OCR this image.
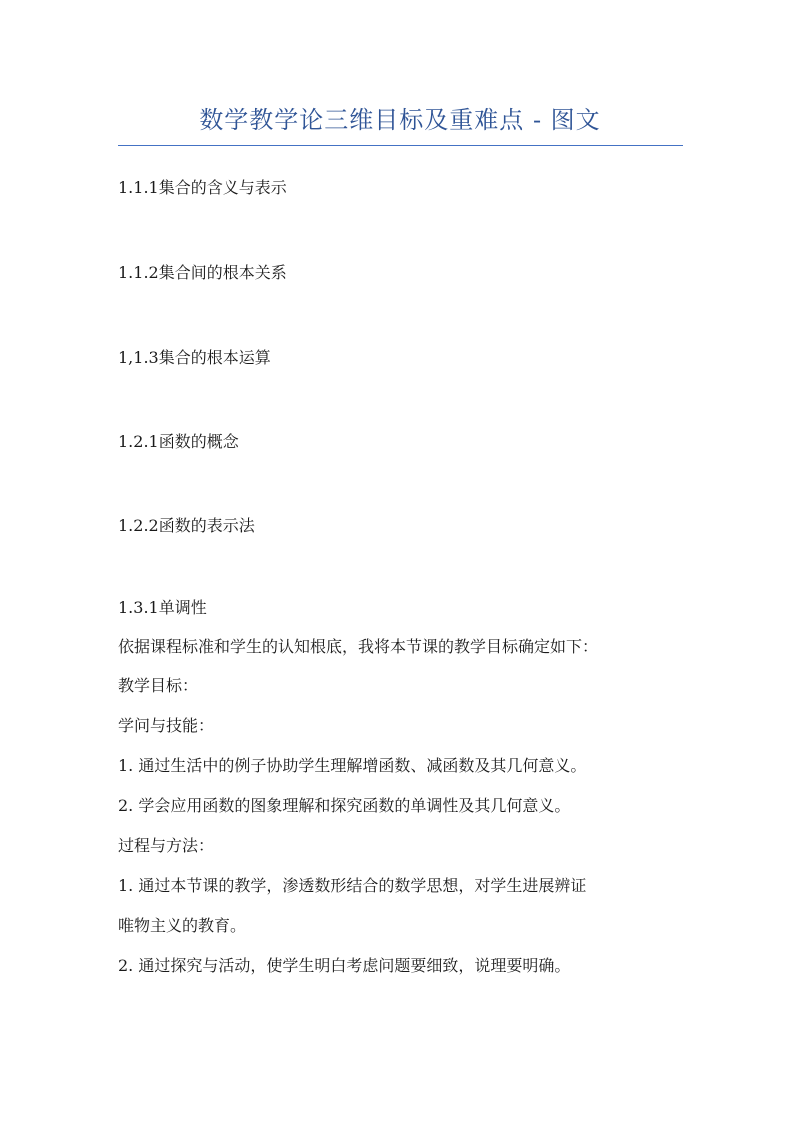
数学教学论三维目标及重难点 - 图文
1.1.1集合的含义与表示
1.1.2集合间的根本关系
1,1.3集合的根本运算
1.2.1函数的概念
1.2.2函数的表示法
1.3.1单调性
依据课程标准和学生的认知根底，我将本节课的教学目标确定如下：
教学目标：
学问与技能：
1. 通过生活中的例子协助学生理解增函数、减函数及其几何意义。
2. 学会应用函数的图象理解和探究函数的单调性及其几何意义。
过程与方法：
1. 通过本节课的教学，渗透数形结合的数学思想，对学生进展辨证
唯物主义的教育。
2. 通过探究与活动，使学生明白考虑问题要细致，说理要明确。
